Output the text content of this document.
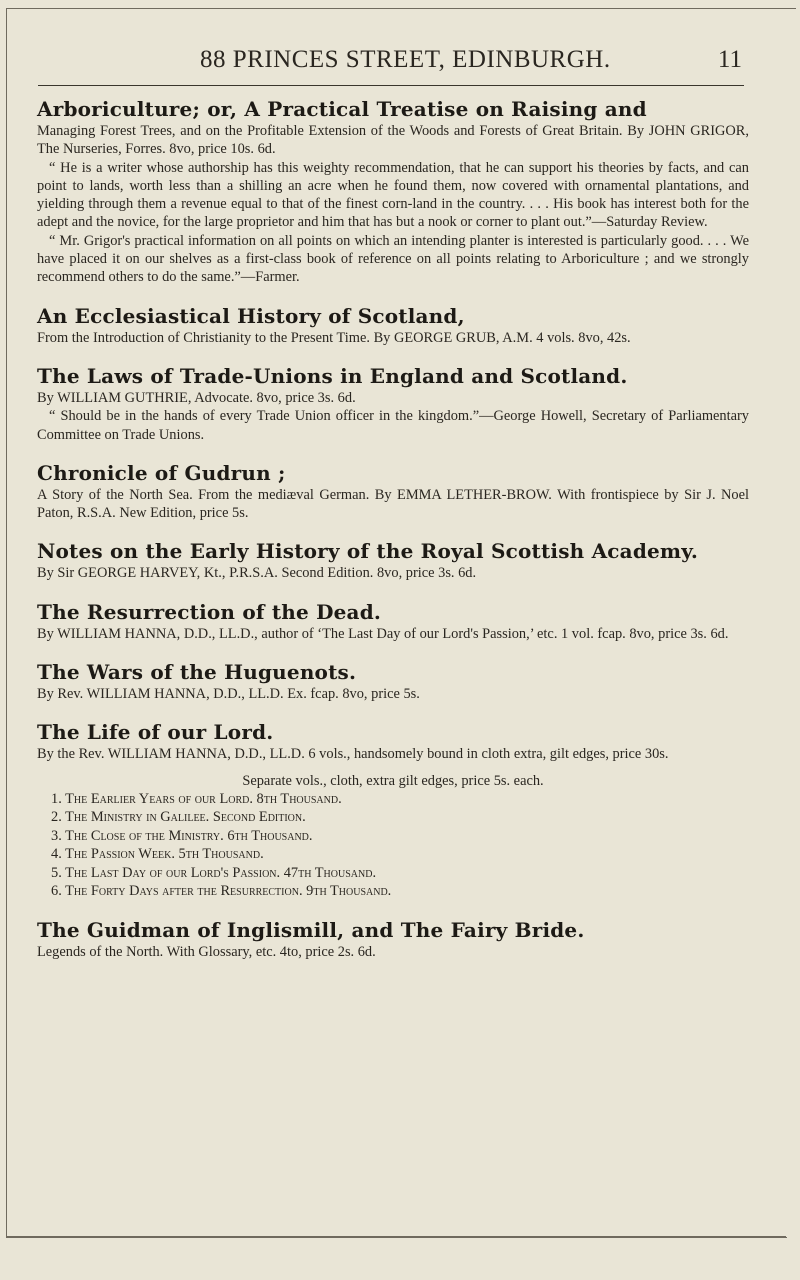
88 PRINCES STREET, EDINBURGH.	11

Arboriculture; or, A Practical Treatise on Raising and

Managing Forest Trees, and on the Profitable Extension of the Woods and Forests of Great Britain. By JOHN GRIGOR, The Nurseries, Forres. 8vo, price 10s. 6d.

“ He is a writer whose authorship has this weighty recommendation, that he can support his theories by facts, and can point to lands, worth less than a shilling an acre when he found them, now covered with ornamental plantations, and yielding through them a revenue equal to that of the finest corn-land in the country. . . . His book has interest both for the adept and the novice, for the large proprietor and him that has but a nook or corner to plant out.”—Saturday Review.

“ Mr. Grigor's practical information on all points on which an intending planter is interested is particularly good. . . . We have placed it on our shelves as a first-class book of reference on all points relating to Arboriculture ; and we strongly recommend others to do the same.”—Farmer.

An Ecclesiastical History of Scotland,

From the Introduction of Christianity to the Present Time. By GEORGE GRUB, A.M. 4 vols. 8vo, 42s.

The Laws of Trade-Unions in England and Scotland.

By WILLIAM GUTHRIE, Advocate. 8vo, price 3s. 6d.

“ Should be in the hands of every Trade Union officer in the kingdom.”—George Howell, Secretary of Parliamentary Committee on Trade Unions.

Chronicle of Gudrun ;

A Story of the North Sea. From the mediæval German. By EMMA LETHER-BROW. With frontispiece by Sir J. Noel Paton, R.S.A. New Edition, price 5s.

Notes on the Early History of the Royal Scottish Academy.

By Sir GEORGE HARVEY, Kt., P.R.S.A. Second Edition. 8vo, price 3s. 6d.

The Resurrection of the Dead.

By WILLIAM HANNA, D.D., LL.D., author of ‘The Last Day of our Lord's Passion,’ etc. 1 vol. fcap. 8vo, price 3s. 6d.

The Wars of the Huguenots.

By Rev. WILLIAM HANNA, D.D., LL.D. Ex. fcap. 8vo, price 5s.

The Life of our Lord.

By the Rev. WILLIAM HANNA, D.D., LL.D. 6 vols., handsomely bound in cloth extra, gilt edges, price 30s.

Separate vols., cloth, extra gilt edges, price 5s. each.

1. The Earlier Years of our Lord. 8th Thousand.
2. The Ministry in Galilee. Second Edition.
3. The Close of the Ministry. 6th Thousand.
4. The Passion Week. 5th Thousand.
5. The Last Day of our Lord's Passion. 47th Thousand.
6. The Forty Days after the Resurrection. 9th Thousand.

The Guidman of Inglismill, and The Fairy Bride.

Legends of the North. With Glossary, etc. 4to, price 2s. 6d.
